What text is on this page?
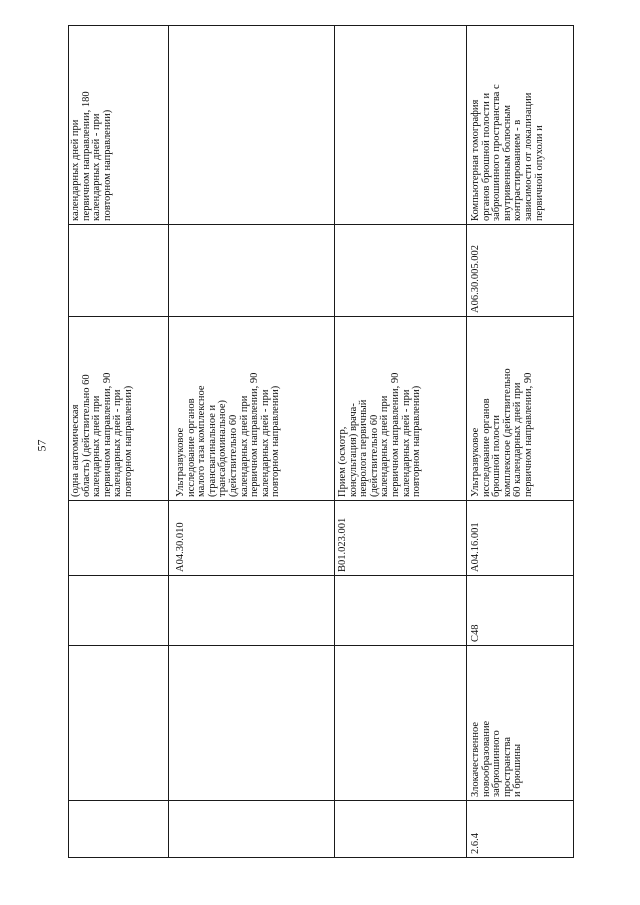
57
(одна анатомическая
область) (действительно 60
календарных дней при
первичном направлении, 90
календарных дней - при
повторном направлении)
календарных дней при
первичном направлении, 180
календарных дней - при
повторном направлении)
A04.30.010
Ультразвуковое
исследование органов
малого таза комплексное
(трансвагинальное и
трансабдоминальное)
(действительно 60
календарных дней при
первичном направлении, 90
календарных дней - при
повторном направлении)
B01.023.001
Прием (осмотр,
консультация) врача-
невролога первичный
(действительно 60
календарных дней при
первичном направлении, 90
календарных дней - при
повторном направлении)
2.6.4
Злокачественное
новообразование
забрюшинного
пространства
и брюшины
C48
A04.16.001
Ультразвуковое
исследование органов
брюшной полости
комплексное (действительно
60 календарных дней при
первичном направлении, 90
A06.30.005.002
Компьютерная томография
органов брюшной полости и
забрюшинного пространства с
внутривенным болюсным
контрастированием - в
зависимости от локализации
первичной опухоли и
